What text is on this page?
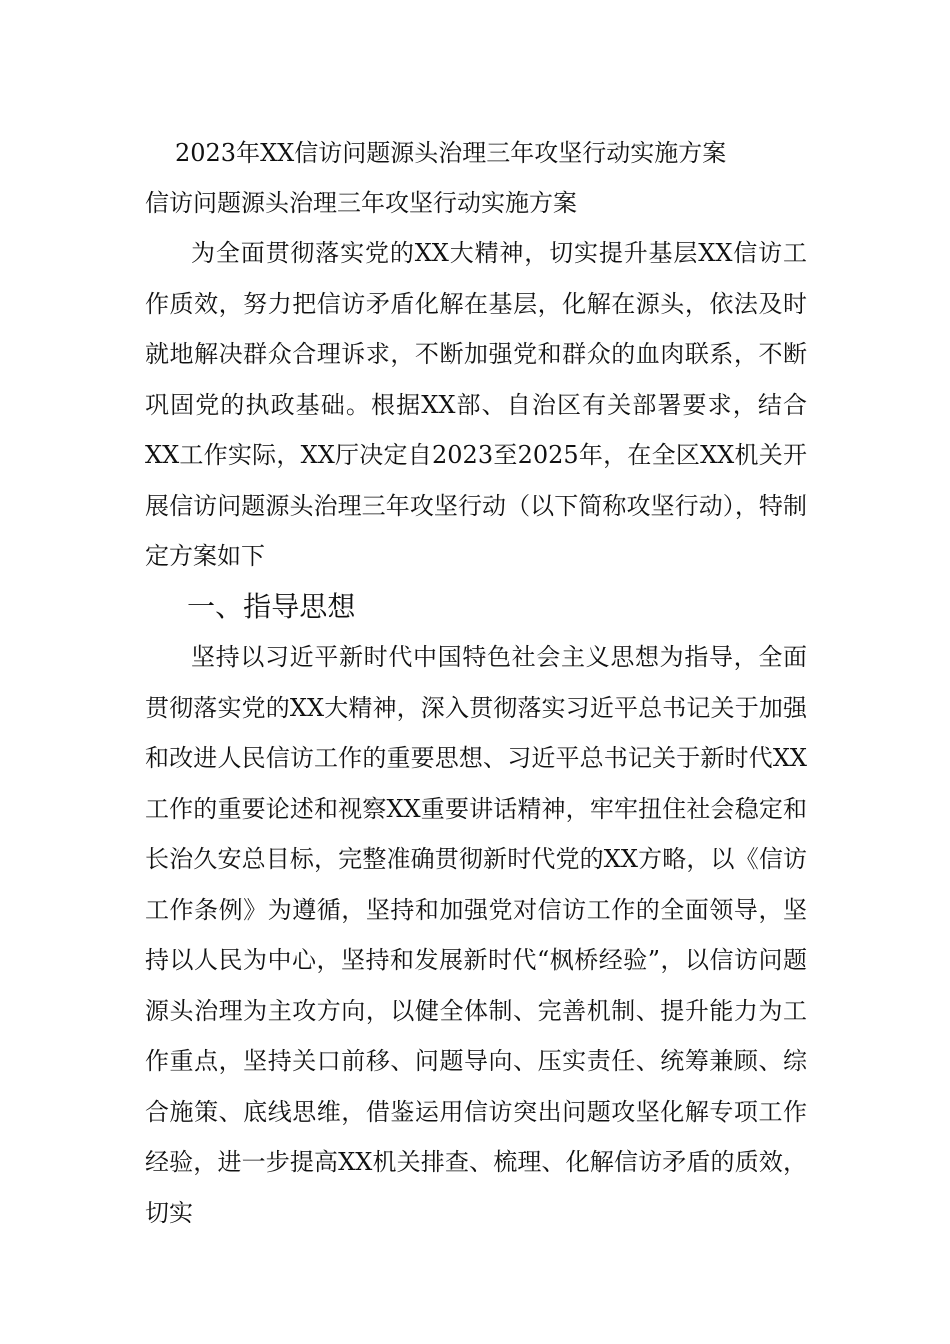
2023年XX信访问题源头治理三年攻坚行动实施方案
信访问题源头治理三年攻坚行动实施方案

为全面贯彻落实党的XX大精神，切实提升基层XX信访工作质效，努力把信访矛盾化解在基层，化解在源头，依法及时就地解决群众合理诉求，不断加强党和群众的血肉联系，不断巩固党的执政基础。根据XX部、自治区有关部署要求，结合XX工作实际，XX厅决定自2023至2025年，在全区XX机关开展信访问题源头治理三年攻坚行动（以下简称攻坚行动），特制定方案如下

一、指导思想

坚持以习近平新时代中国特色社会主义思想为指导，全面贯彻落实党的XX大精神，深入贯彻落实习近平总书记关于加强和改进人民信访工作的重要思想、习近平总书记关于新时代XX工作的重要论述和视察XX重要讲话精神，牢牢扭住社会稳定和长治久安总目标，完整准确贯彻新时代党的XX方略，以《信访工作条例》为遵循，坚持和加强党对信访工作的全面领导，坚持以人民为中心，坚持和发展新时代“枫桥经验”，以信访问题源头治理为主攻方向，以健全体制、完善机制、提升能力为工作重点，坚持关口前移、问题导向、压实责任、统筹兼顾、综合施策、底线思维，借鉴运用信访突出问题攻坚化解专项工作经验，进一步提高XX机关排查、梳理、化解信访矛盾的质效，切实
